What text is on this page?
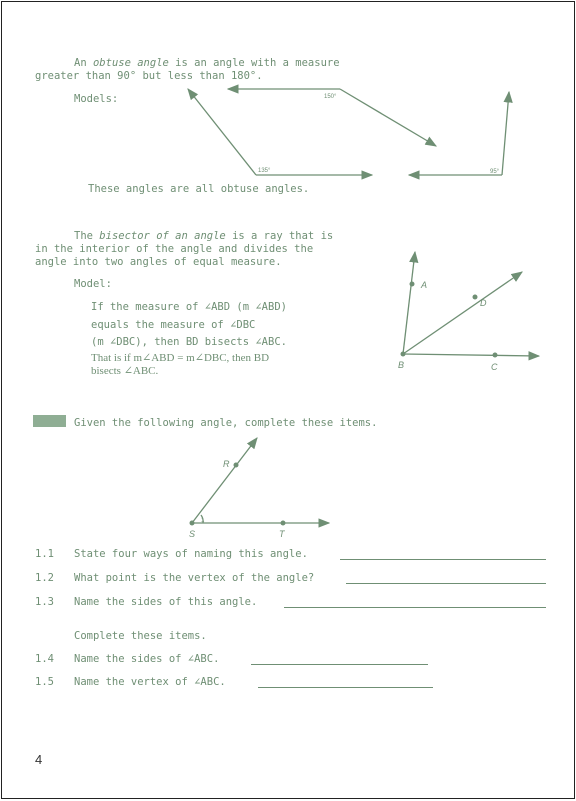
An obtuse angle is an angle with a measure
greater than 90° but less than 180°.
Models:	150°
135°	95°
A
D
B	C
R
S	T
1
These angles are all obtuse angles.
The bisector of an angle is a ray that is
in the interior of the angle and divides the
angle into two angles of equal measure.
Model:
If the measure of ∠ABD (m ∠ABD)
equals the measure of ∠DBC
(m ∠DBC), then BD bisects ∠ABC.
That is if m∠ABD = m∠DBC, then BD
bisects ∠ABC.
Given the following angle, complete these items.
1.1 State four ways of naming this angle.
1.2 What point is the vertex of the angle?
1.3 Name the sides of this angle.
Complete these items.
1.4 Name the sides of ∠ABC.
1.5 Name the vertex of ∠ABC.
4
